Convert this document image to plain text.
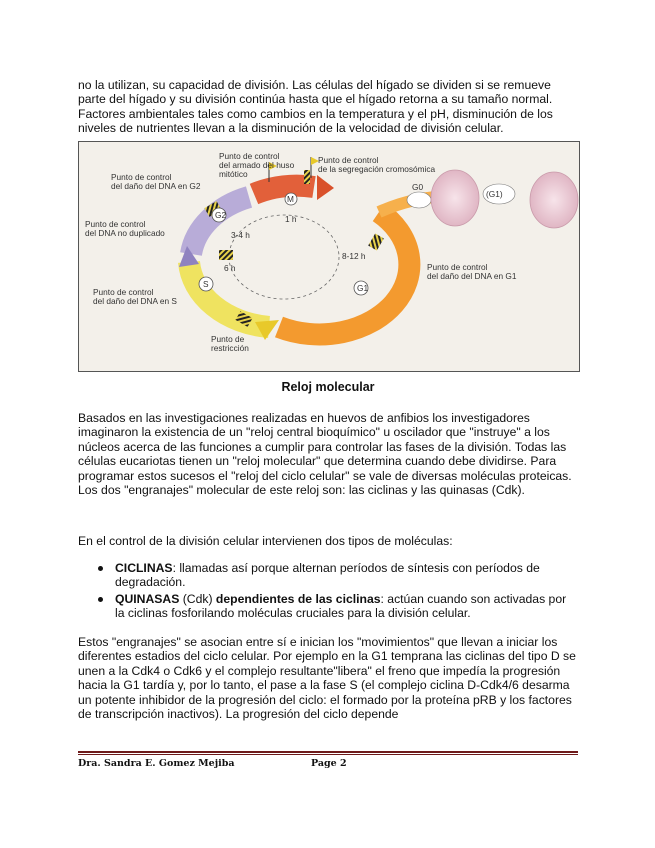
no la utilizan, su capacidad de división. Las células del hígado se dividen si se remueve parte del hígado y su división continúa hasta que el hígado retorna a su tamaño normal. Factores ambientales tales como cambios en la temperatura y el pH, disminución de los niveles de nutrientes llevan a la disminución de la velocidad de división celular.

G2
M
S	G1
G0
(G1)
1 h
3-4 h
8-12 h
6 h
Punto de control
del armado del huso
mitótico
Punto de control
de la segregación cromosómica
Punto de control
del daño del DNA en G2
Punto de control
del DNA no duplicado
Punto de control
del daño del DNA en S
Punto de control
del daño del DNA en G1
Punto de
restricción
Reloj molecular

Basados en las investigaciones realizadas en huevos de anfibios los investigadores imaginaron la existencia de un "reloj central bioquímico" u oscilador que "instruye" a los núcleos acerca de las funciones a cumplir para controlar las fases de la división. Todas las células eucariotas tienen un "reloj molecular" que determina cuando debe dividirse. Para programar estos sucesos el "reloj del ciclo celular" se vale de diversas moléculas proteicas. Los dos "engranajes" molecular de este reloj son: las ciclinas y las quinasas (Cdk).

En el control de la división celular intervienen dos tipos de moléculas:

CICLINAS: llamadas así porque alternan períodos de síntesis con períodos de degradación.
QUINASAS (Cdk) dependientes de las ciclinas: actúan cuando son activadas por la ciclinas fosforilando moléculas cruciales para la división celular.

Estos "engranajes" se asocian entre sí e inician los "movimientos" que llevan a iniciar los diferentes estadios del ciclo celular. Por ejemplo en la G1 temprana las ciclinas del tipo D se unen a la Cdk4 o Cdk6 y el complejo resultante"libera" el freno que impedía la progresión hacia la G1 tardía y, por lo tanto, el pase a la fase S (el complejo ciclina D-Cdk4/6 desarma un potente inhibidor de la progresión del ciclo: el formado por la proteína pRB y los factores de transcripción inactivos). La progresión del ciclo depende

Dra. Sandra E. Gomez Mejiba	Page 2
